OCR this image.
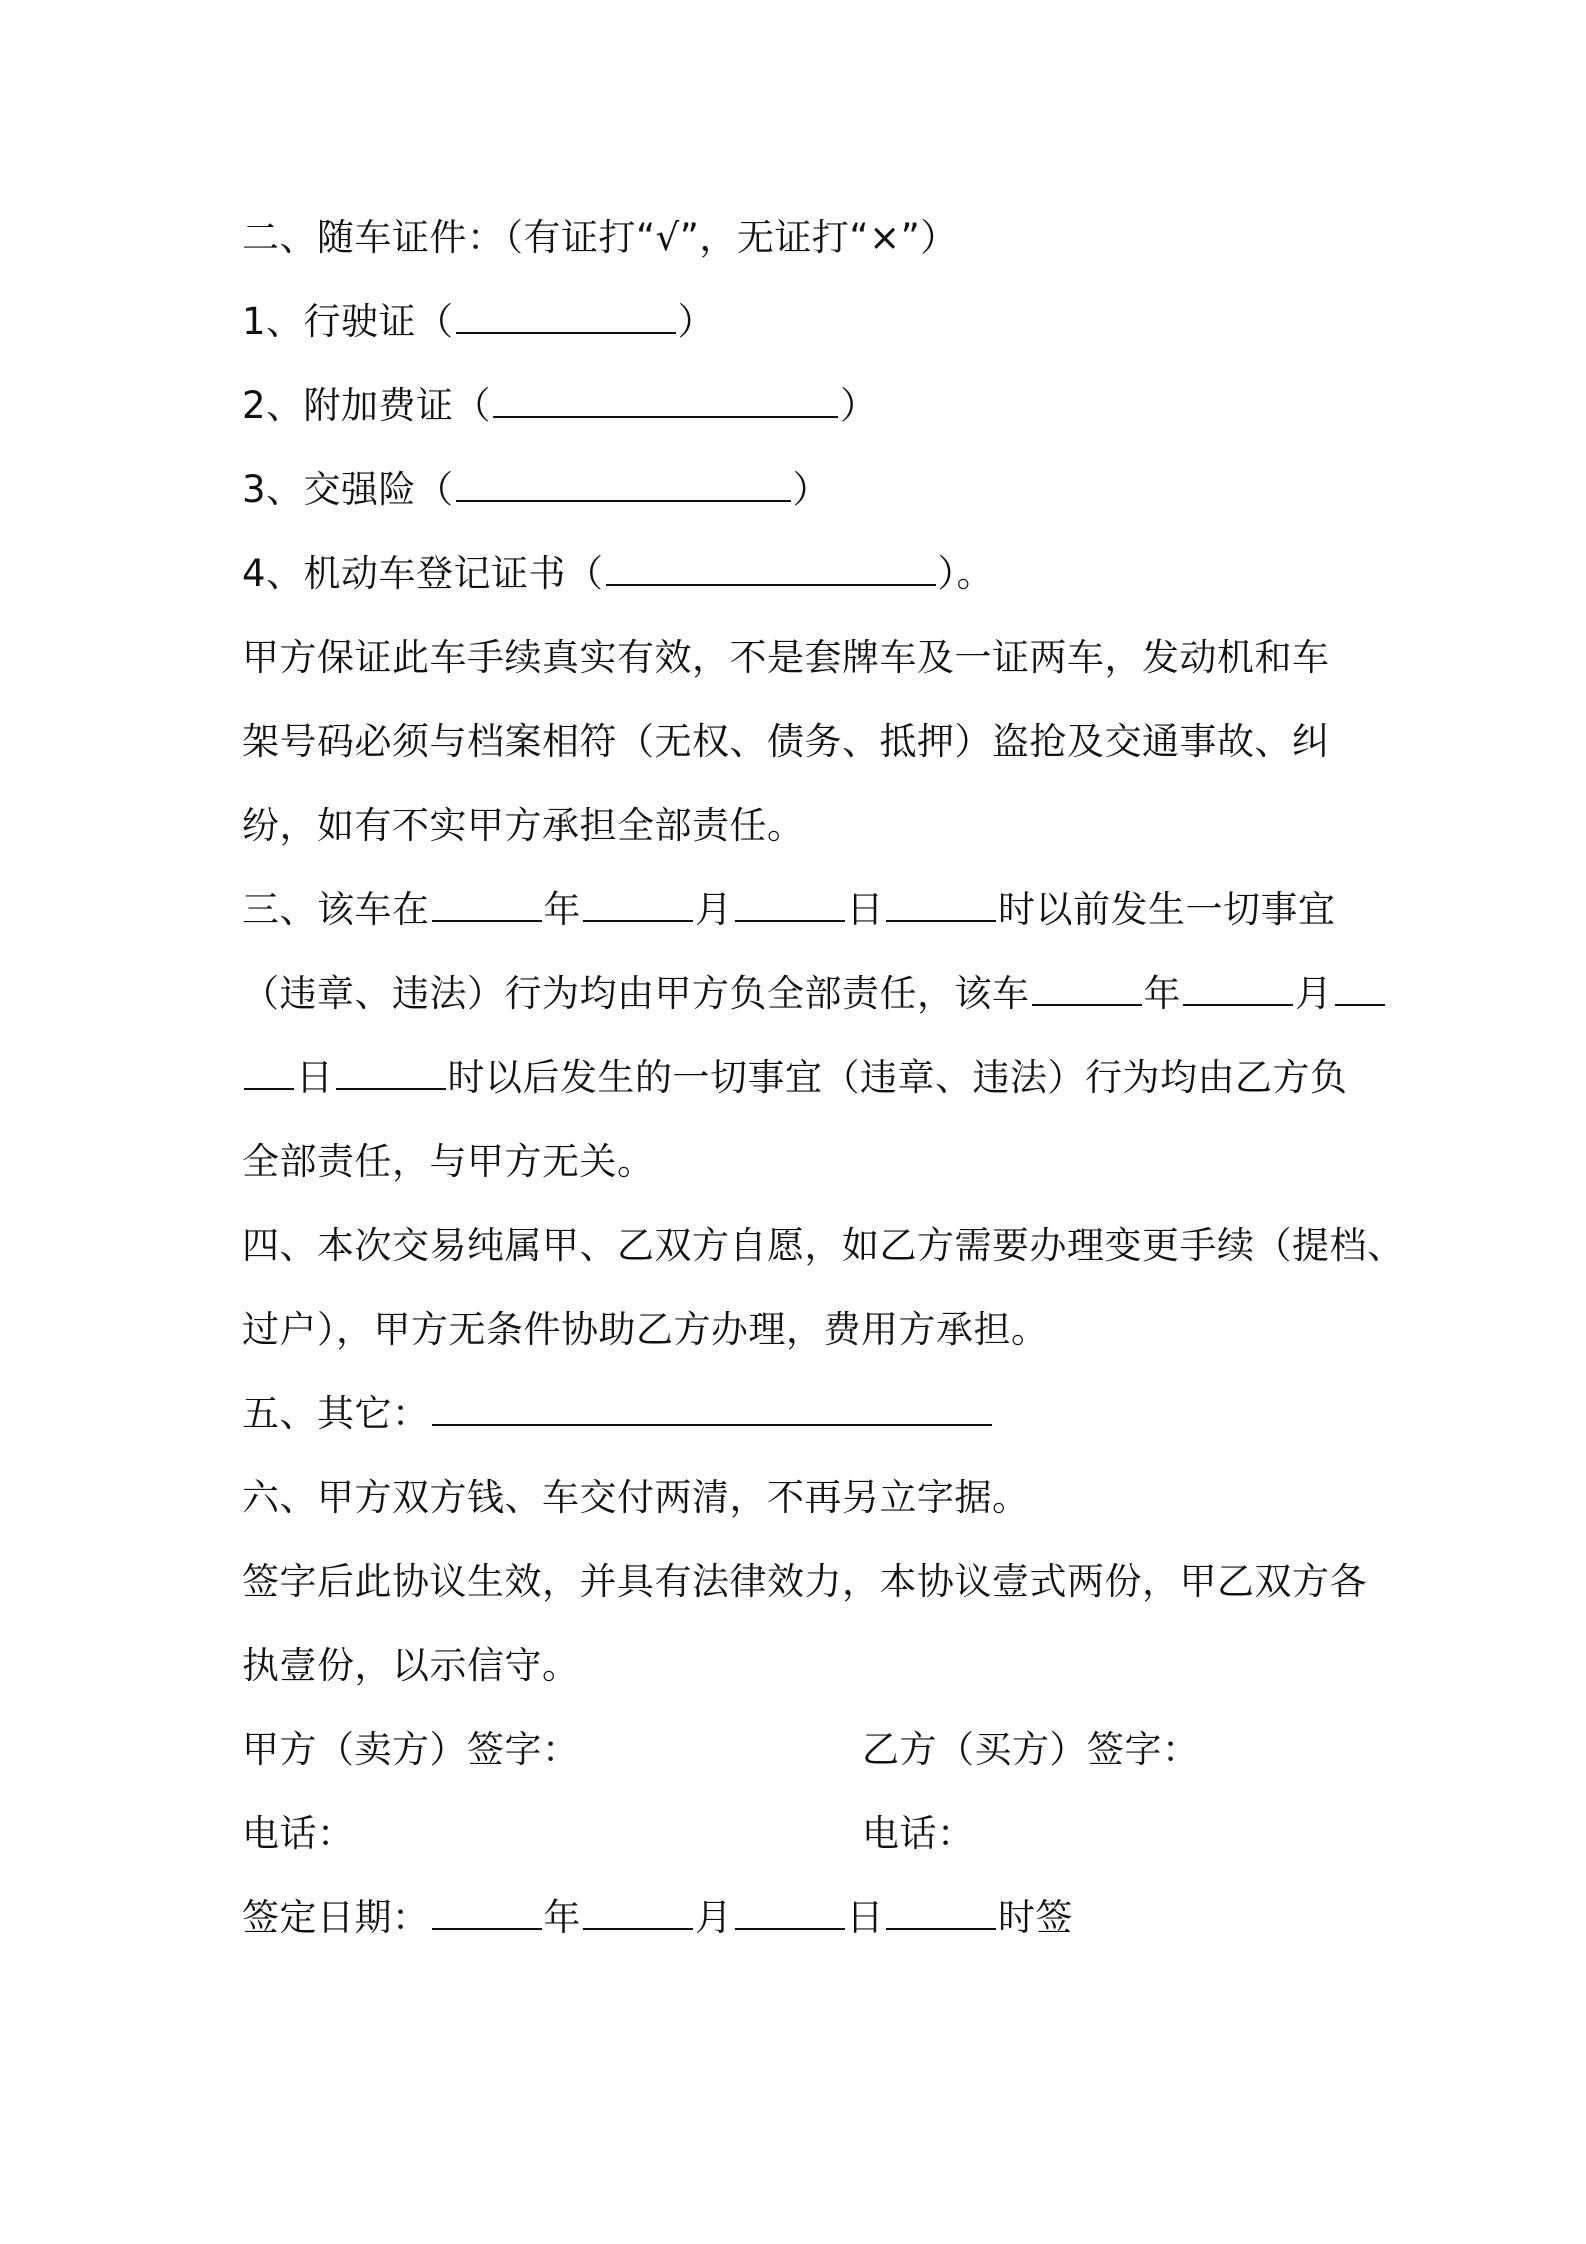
二、随车证件：（有证打“√”，无证打“×”）
1、行驶证（	）
2、附加费证（	）
3、交强险（	）
4、机动车登记证书（	）。
甲方保证此车手续真实有效，不是套牌车及一证两车，发动机和车架号码必须与档案相符（无权、债务、抵押）盗抢及交通事故、纠纷，如有不实甲方承担全部责任。
三、该车在	年	月	日	时以前发生一切事宜
（违章、违法）行为均由甲方负全部责任，该车	年	月
日	时以后发生的一切事宜（违章、违法）行为均由乙方负
全部责任，与甲方无关。
四、本次交易纯属甲、乙双方自愿，如乙方需要办理变更手续（提档、
过户），甲方无条件协助乙方办理，费用方承担。
五、其它：
六、甲方双方钱、车交付两清，不再另立字据。
签字后此协议生效，并具有法律效力，本协议壹式两份，甲乙双方各
执壹份，以示信守。
甲方（卖方）签字：	乙方（买方）签字：
电话：	电话：
签定日期：	年	月	日	时签
